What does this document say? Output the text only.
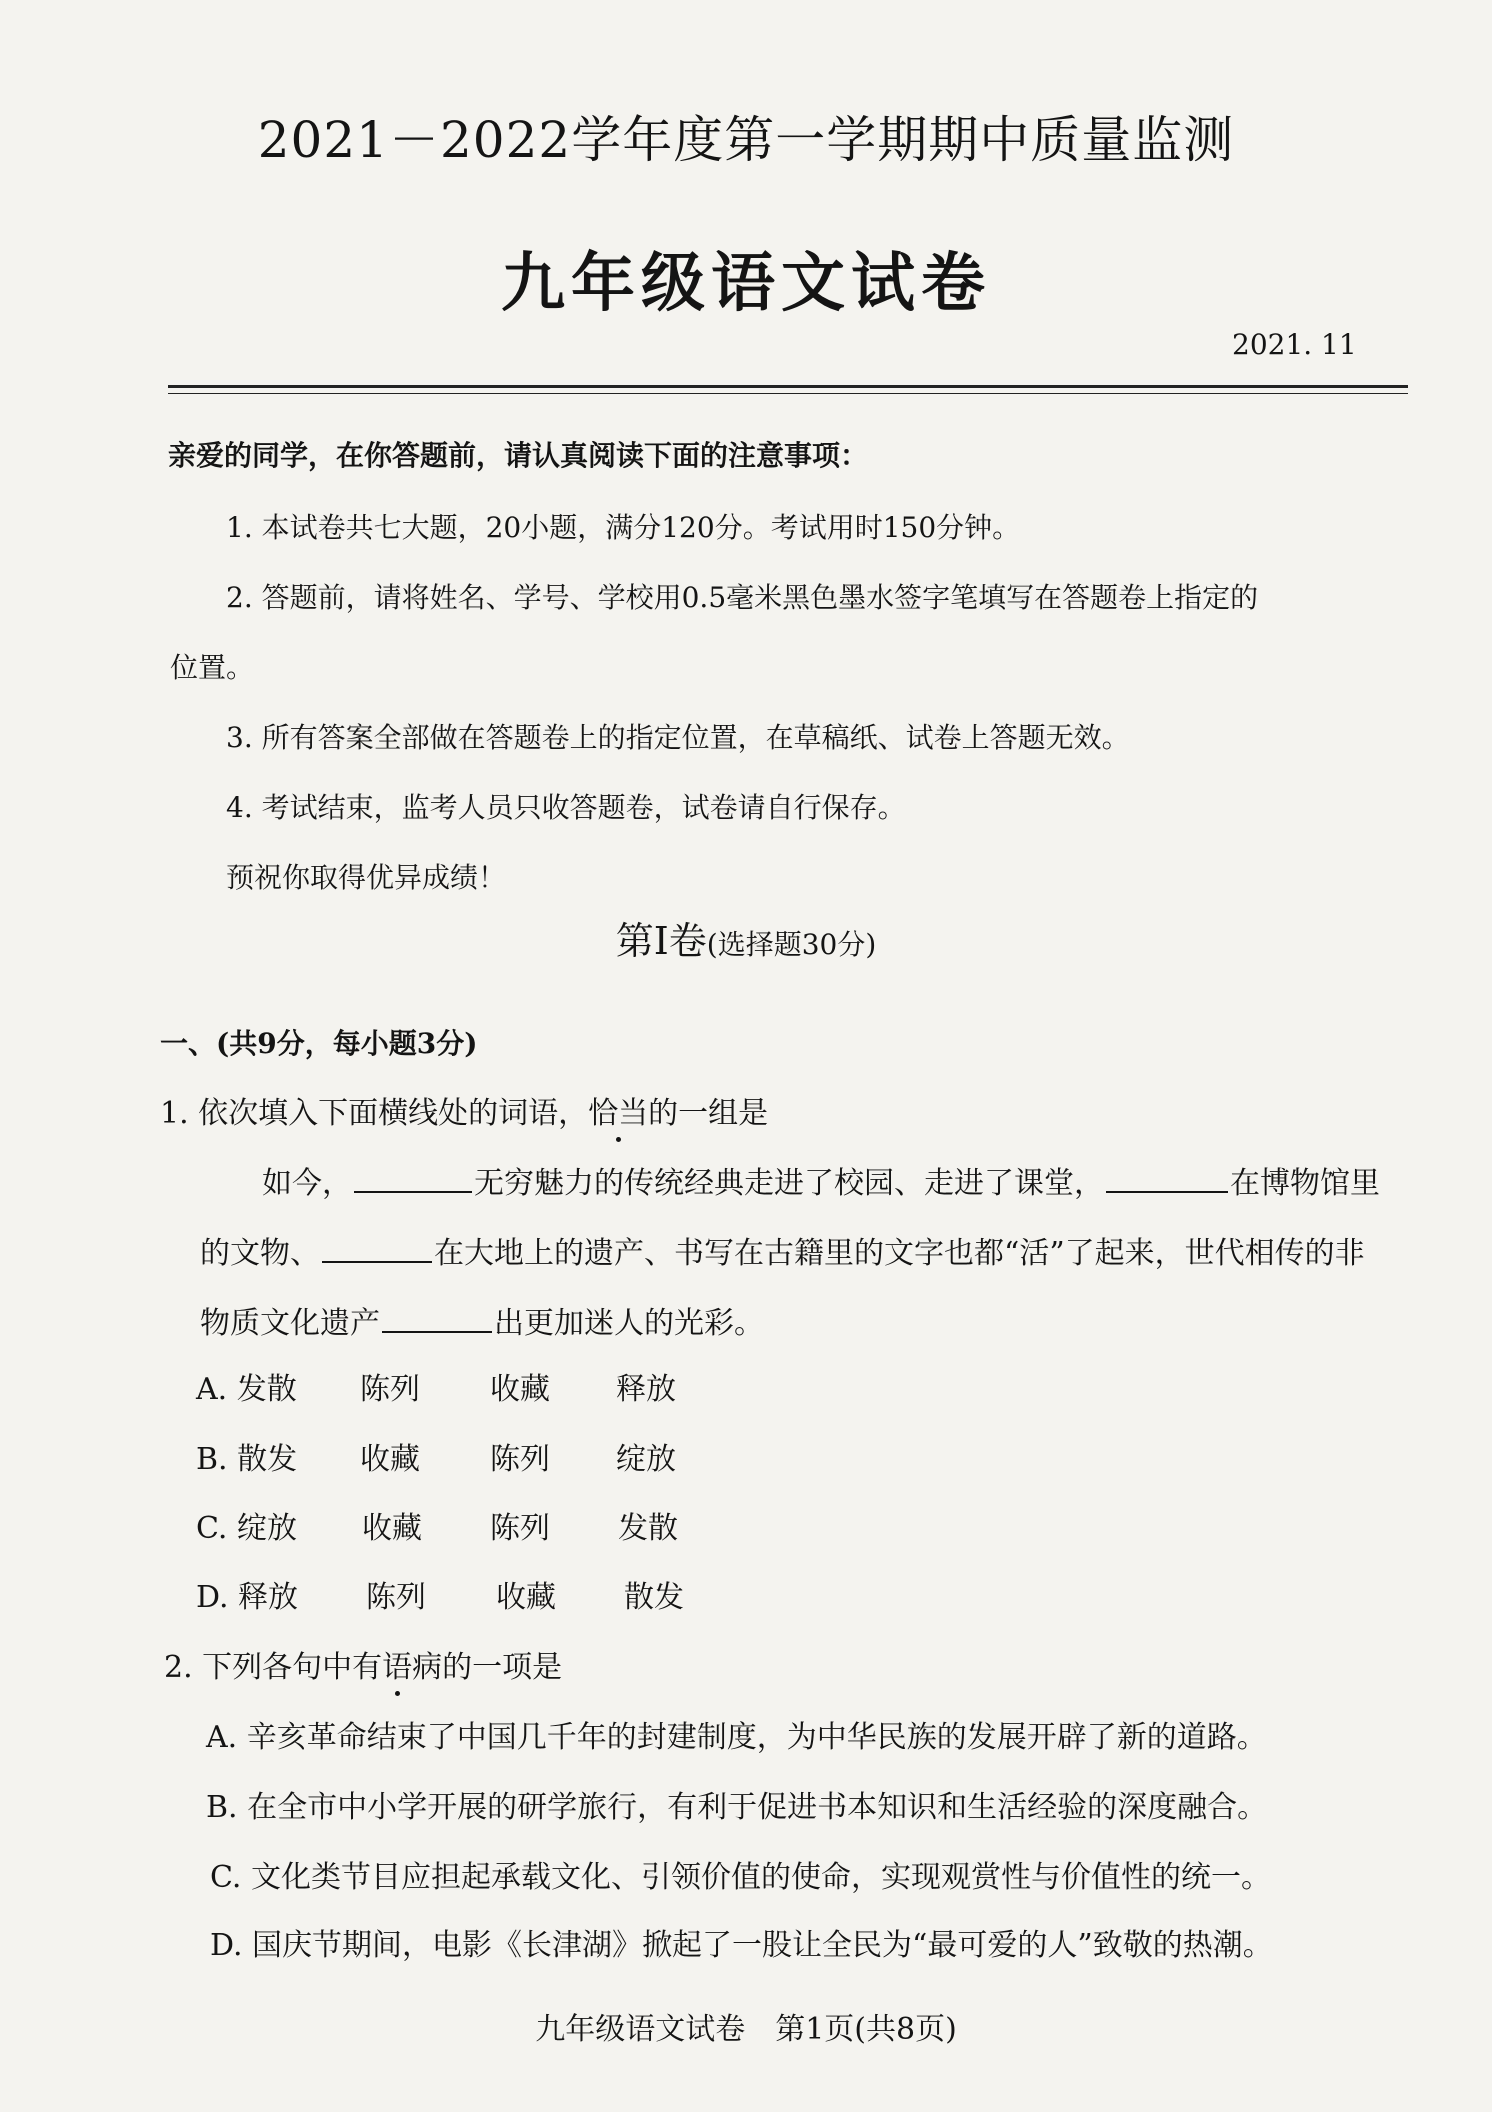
2021－2022学年度第一学期期中质量监测
九年级语文试卷
2021. 11
亲爱的同学，在你答题前，请认真阅读下面的注意事项：
1. 本试卷共七大题，20小题，满分120分。考试用时150分钟。
2. 答题前，请将姓名、学号、学校用0.5毫米黑色墨水签字笔填写在答题卷上指定的
位置。
3. 所有答案全部做在答题卷上的指定位置，在草稿纸、试卷上答题无效。
4. 考试结束，监考人员只收答题卷，试卷请自行保存。
预祝你取得优异成绩！
第Ⅰ卷(选择题30分)
一、(共9分，每小题3分)
1. 依次填入下面横线处的词语，恰当的一组是
如今，	无穷魅力的传统经典走进了校园、走进了课堂，	在博物馆里
的文物、	在大地上的遗产、书写在古籍里的文字也都“活”了起来，世代相传的非
物质文化遗产	出更加迷人的光彩。
A. 发散 陈列 收藏 释放
B. 散发 收藏 陈列 绽放
C. 绽放 收藏 陈列 发散
D. 释放 陈列 收藏 散发
2. 下列各句中有语病的一项是
A. 辛亥革命结束了中国几千年的封建制度，为中华民族的发展开辟了新的道路。
B. 在全市中小学开展的研学旅行，有利于促进书本知识和生活经验的深度融合。
C. 文化类节目应担起承载文化、引领价值的使命，实现观赏性与价值性的统一。
D. 国庆节期间，电影《长津湖》掀起了一股让全民为“最可爱的人”致敬的热潮。
九年级语文试卷　第1页(共8页)
